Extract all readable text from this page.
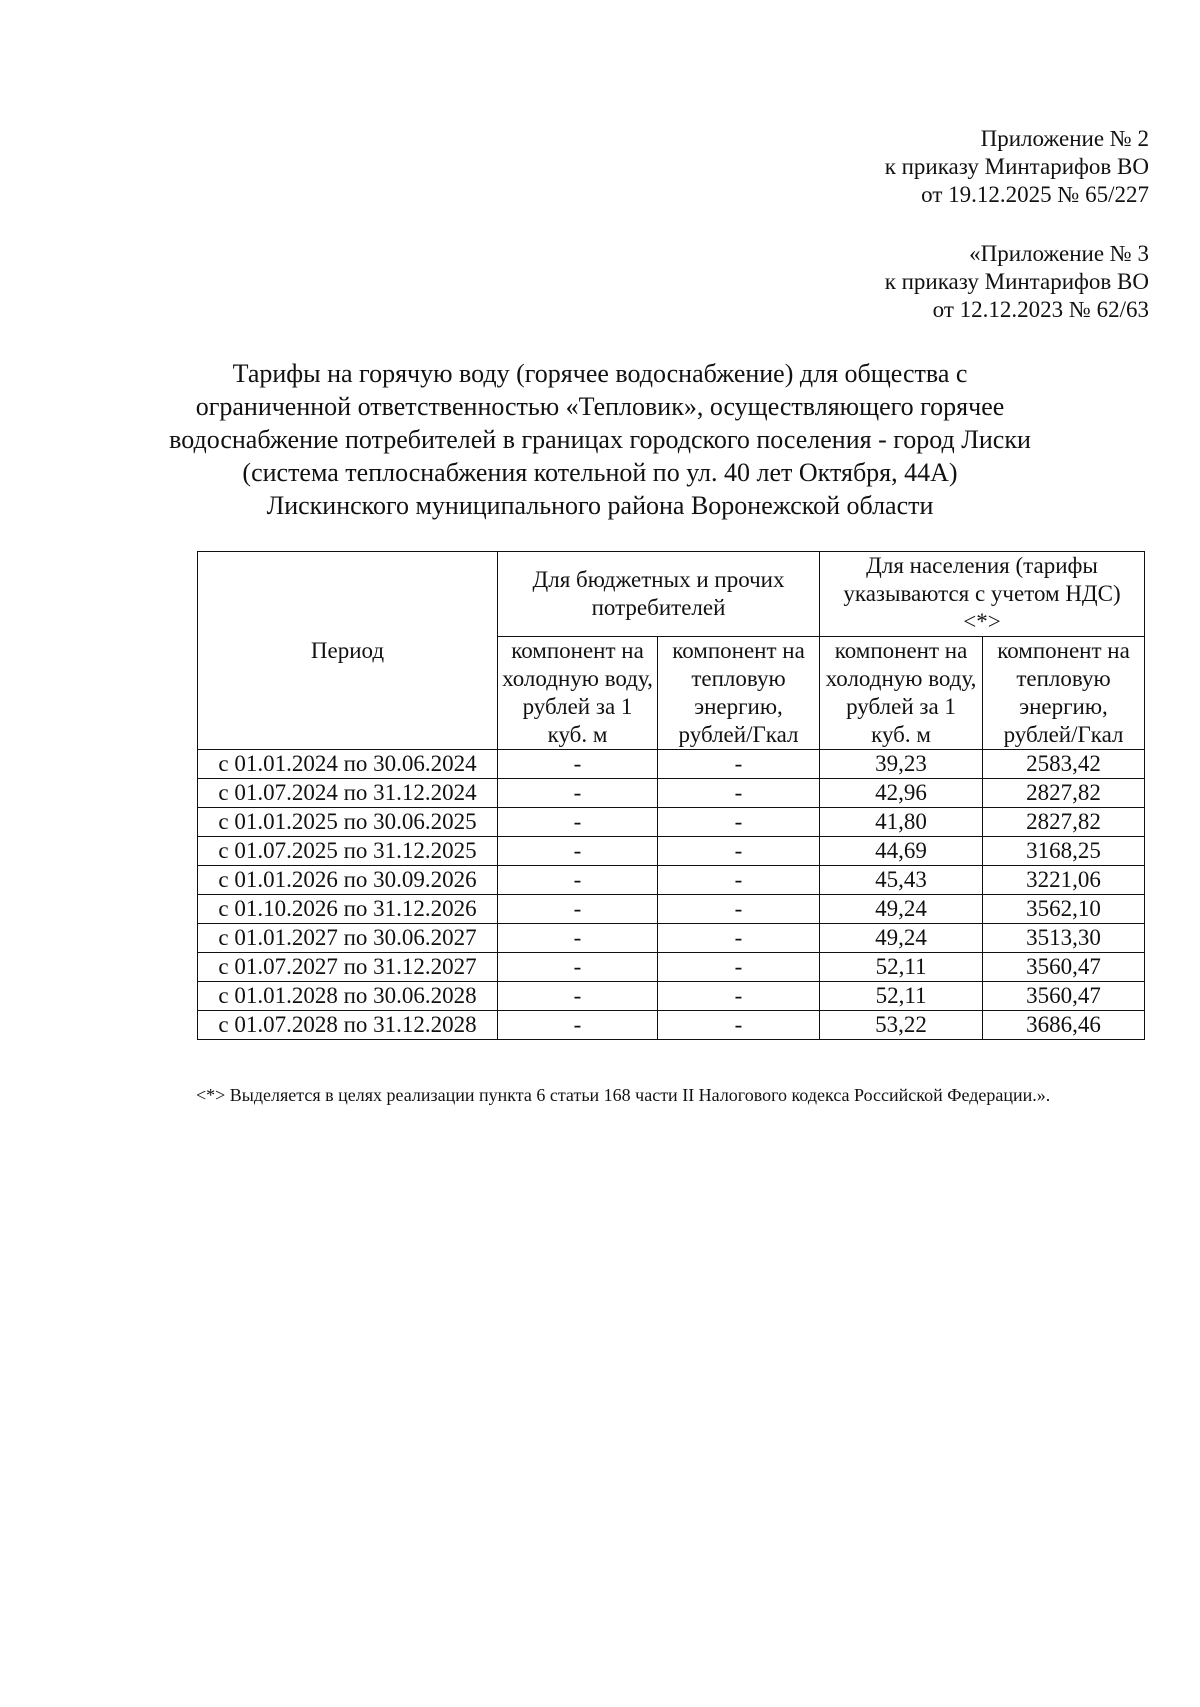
Приложение № 2
к приказу Минтарифов ВО
от 19.12.2025 № 65/227
«Приложение № 3
к приказу Минтарифов ВО
от 12.12.2023 № 62/63
Тарифы на горячую воду (горячее водоснабжение) для общества с
ограниченной ответственностью «Тепловик», осуществляющего горячее
водоснабжение потребителей в границах городского поселения - город Лиски
(система теплоснабжения котельной по ул. 40 лет Октября, 44А)
Лискинского муниципального района Воронежской области
Период	Для бюджетных и прочих потребителей		Для населения (тарифы указываются с учетом НДС) <*>	
	компонент на холодную воду, рублей за 1 куб. м	компонент на тепловую энергию, рублей/Гкал	компонент на холодную воду, рублей за 1 куб. м	компонент на тепловую энергию, рублей/Гкал
с 01.01.2024 по 30.06.2024	-	-	39,23	2583,42
с 01.07.2024 по 31.12.2024	-	-	42,96	2827,82
с 01.01.2025 по 30.06.2025	-	-	41,80	2827,82
с 01.07.2025 по 31.12.2025	-	-	44,69	3168,25
с 01.01.2026 по 30.09.2026	-	-	45,43	3221,06
с 01.10.2026 по 31.12.2026	-	-	49,24	3562,10
с 01.01.2027 по 30.06.2027	-	-	49,24	3513,30
с 01.07.2027 по 31.12.2027	-	-	52,11	3560,47
с 01.01.2028 по 30.06.2028	-	-	52,11	3560,47
с 01.07.2028 по 31.12.2028	-	-	53,22	3686,46
<*> Выделяется в целях реализации пункта 6 статьи 168 части II Налогового кодекса Российской Федерации.».
